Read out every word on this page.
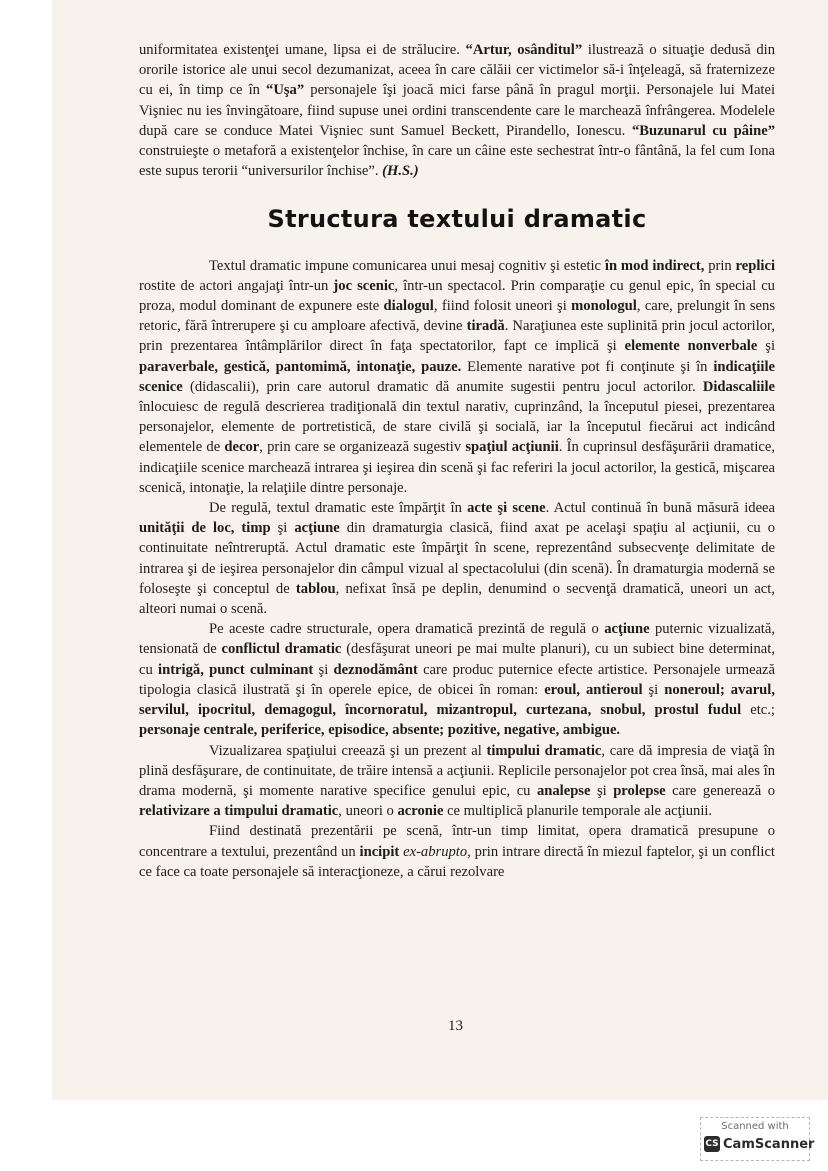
uniformitatea existenţei umane, lipsa ei de strălucire. “Artur, osânditul” ilustrează o situaţie dedusă din ororile istorice ale unui secol dezumanizat, aceea în care călăii cer victimelor să-i înţeleagă, să fraternizeze cu ei, în timp ce în “Uşa” personajele îşi joacă mici farse până în pragul morţii. Personajele lui Matei Vişniec nu ies învingătoare, fiind supuse unei ordini transcendente care le marchează înfrângerea. Modelele după care se conduce Matei Vişniec sunt Samuel Beckett, Pirandello, Ionescu. “Buzunarul cu pâine” construieşte o metaforă a existenţelor închise, în care un câine este sechestrat într-o fântână, la fel cum Iona este supus terorii “universurilor închise”. (H.S.)

Structura textului dramatic

Textul dramatic impune comunicarea unui mesaj cognitiv şi estetic în mod indirect, prin replici rostite de actori angajaţi într-un joc scenic, într-un spectacol. Prin comparaţie cu genul epic, în special cu proza, modul dominant de expunere este dialogul, fiind folosit uneori şi monologul, care, prelungit în sens retoric, fără întrerupere şi cu amploare afectivă, devine tiradă. Naraţiunea este suplinită prin jocul actorilor, prin prezentarea întâmplărilor direct în faţa spectatorilor, fapt ce implică şi elemente nonverbale şi paraverbale, gestică, pantomimă, intonaţie, pauze. Elemente narative pot fi conţinute şi în indicaţiile scenice (didascalii), prin care autorul dramatic dă anumite sugestii pentru jocul actorilor. Didascaliile înlocuiesc de regulă descrierea tradiţională din textul narativ, cuprinzând, la începutul piesei, prezentarea personajelor, elemente de portretistică, de stare civilă şi socială, iar la începutul fiecărui act indicând elementele de decor, prin care se organizează sugestiv spaţiul acţiunii. În cuprinsul desfăşurării dramatice, indicaţiile scenice marchează intrarea şi ieşirea din scenă şi fac referiri la jocul actorilor, la gestică, mişcarea scenică, intonaţie, la relaţiile dintre personaje.

De regulă, textul dramatic este împărţit în acte şi scene. Actul continuă în bună măsură ideea unităţii de loc, timp şi acţiune din dramaturgia clasică, fiind axat pe acelaşi spaţiu al acţiunii, cu o continuitate neîntreruptă. Actul dramatic este împărţit în scene, reprezentând subsecvenţe delimitate de intrarea şi de ieşirea personajelor din câmpul vizual al spectacolului (din scenă). În dramaturgia modernă se foloseşte şi conceptul de tablou, nefixat însă pe deplin, denumind o secvenţă dramatică, uneori un act, alteori numai o scenă.

Pe aceste cadre structurale, opera dramatică prezintă de regulă o acţiune puternic vizualizată, tensionată de conflictul dramatic (desfăşurat uneori pe mai multe planuri), cu un subiect bine determinat, cu intrigă, punct culminant şi deznodământ care produc puternice efecte artistice. Personajele urmează tipologia clasică ilustrată şi în operele epice, de obicei în roman: eroul, antieroul şi noneroul; avarul, servilul, ipocritul, demagogul, încornoratul, mizantropul, curtezana, snobul, prostul fudul etc.; personaje centrale, periferice, episodice, absente; pozitive, negative, ambigue.

Vizualizarea spaţiului creează şi un prezent al timpului dramatic, care dă impresia de viaţă în plină desfăşurare, de continuitate, de trăire intensă a acţiunii. Replicile personajelor pot crea însă, mai ales în drama modernă, şi momente narative specifice genului epic, cu analepse şi prolepse care generează o relativizare a timpului dramatic, uneori o acronie ce multiplică planurile temporale ale acţiunii.

Fiind destinată prezentării pe scenă, într-un timp limitat, opera dramatică presupune o concentrare a textului, prezentând un incipit ex-abrupto, prin intrare directă în miezul faptelor, şi un conflict ce face ca toate personajele să interacţioneze, a cărui rezolvare

13
Scanned with
CS CamScanner
